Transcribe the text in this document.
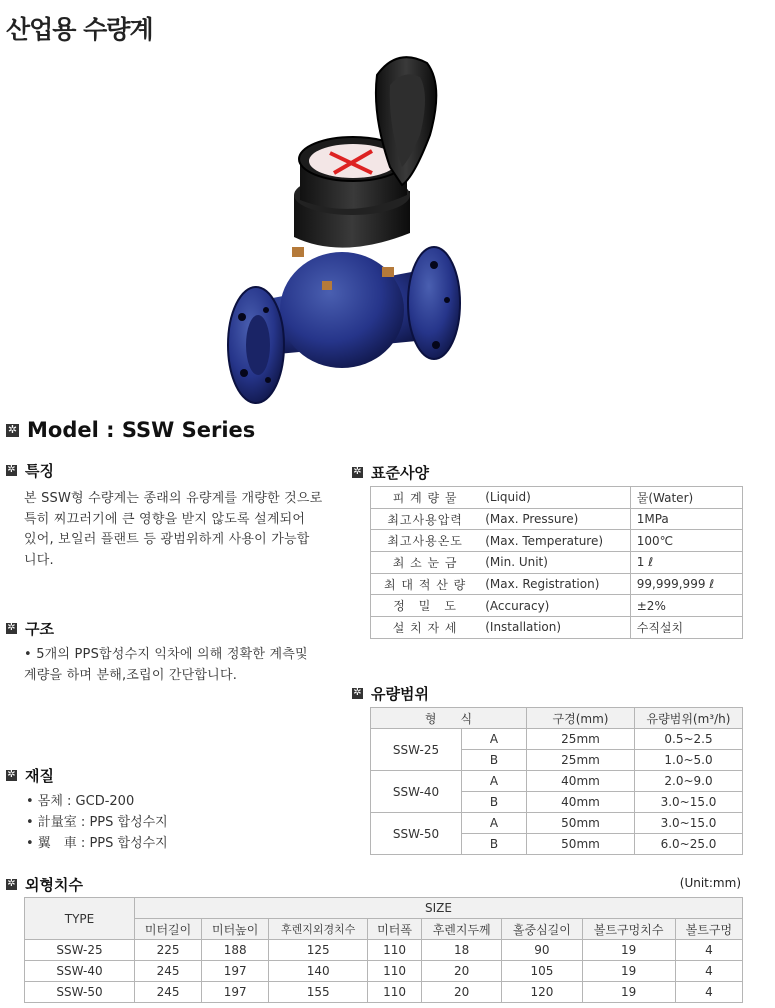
산업용 수량계
✲
Model : SSW Series
✲
특징
본 SSW형 수량계는 종래의 유량계를 개량한 것으로
특히 찌끄러기에 큰 영향을 받지 않도록 설계되어
있어, 보일러 플랜트 등 광범위하게 사용이 가능합
니다.
✲
구조
• 5개의 PPS합성수지 익차에 의해 정확한 계측및
계량을 하며 분해,조립이 간단합니다.
✲
재질
• 몸체 : GCD-200
• 計量室 : PPS 합성수지
• 翼　車 : PPS 합성수지
✲
표준사양
피 계 량 물	(Liquid)	물(Water)
최고사용압력	(Max. Pressure)	1MPa
최고사용온도	(Max. Temperature)	100℃
최 소 눈 금	(Min. Unit)	1 ℓ
최 대 적 산 량	(Max. Registration)	99,999,999 ℓ
정　밀　도	(Accuracy)	±2%
설 치 자 세	(Installation)	수직설치
✲
유량범위
형　　식		구경(mm)	유량범위(m³/h)
SSW-25	A	25mm	0.5~2.5
	B	25mm	1.0~5.0
SSW-40	A	40mm	2.0~9.0
	B	40mm	3.0~15.0
SSW-50	A	50mm	3.0~15.0
	B	50mm	6.0~25.0
✲
외형치수	(Unit:mm)
TYPE	SIZE							
	미터길이	미터높이	후렌지외경치수	미터폭	후렌지두께	홀중심길이	볼트구멍치수	볼트구멍
SSW-25	225	188	125	110	18	90	19	4
SSW-40	245	197	140	110	20	105	19	4
SSW-50	245	197	155	110	20	120	19	4
